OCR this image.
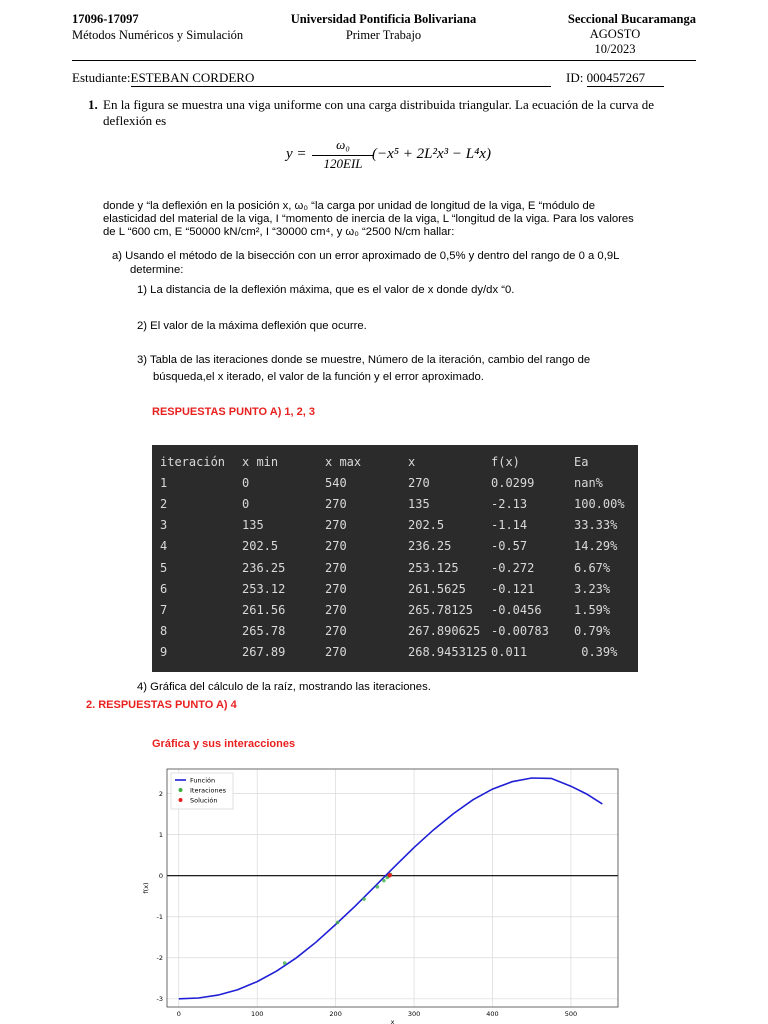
17096-17097
Métodos Numéricos y Simulación
Universidad Pontificia Bolivariana
Primer Trabajo
Seccional Bucaramanga
AGOSTO
10/2023
Estudiante:ESTEBAN CORDERO	ID: 000457267
1. En la figura se muestra una viga uniforme con una carga distribuida triangular. La ecuación de la curva de
deflexión es
y =
ω₀
120EIL
(−x⁵ + 2L²x³ − L⁴x)
donde y “la deflexión en la posición x, ω₀ “la carga por unidad de longitud de la viga, E “módulo de
elasticidad del material de la viga, I “momento de inercia de la viga, L “longitud de la viga. Para los valores
de L “600 cm, E “50000 kN/cm², I “30000 cm⁴, y ω₀ “2500 N/cm hallar:
a) Usando el método de la bisección con un error aproximado de 0,5% y dentro del rango de 0 a 0,9L
determine:
1) La distancia de la deflexión máxima, que es el valor de x donde dy/dx “0.
2) El valor de la máxima deflexión que ocurre.
3) Tabla de las iteraciones donde se muestre, Número de la iteración, cambio del rango de
búsqueda,el x iterado, el valor de la función y el error aproximado.
RESPUESTAS PUNTO A) 1, 2, 3
iteración	x min	x max	x	f(x)	Ea
1	0	540	270	0.0299	nan%
2	0	270	135	-2.13	100.00%
3	135	270	202.5	-1.14	33.33%
4	202.5	270	236.25	-0.57	14.29%
5	236.25	270	253.125	-0.272	6.67%
6	253.12	270	261.5625	-0.121	3.23%
7	261.56	270	265.78125	-0.0456	1.59%
8	265.78	270	267.890625	-0.00783	0.79%
9	267.89	270	268.9453125	0.011	0.39%
4) Gráfica del cálculo de la raíz, mostrando las iteraciones.
2. RESPUESTAS PUNTO A) 4
Gráfica y sus interacciones
0	100	200	300	400	500
-3
-2
-1
0
1
2
Función
Iteraciones
Solución
x
f(x)
